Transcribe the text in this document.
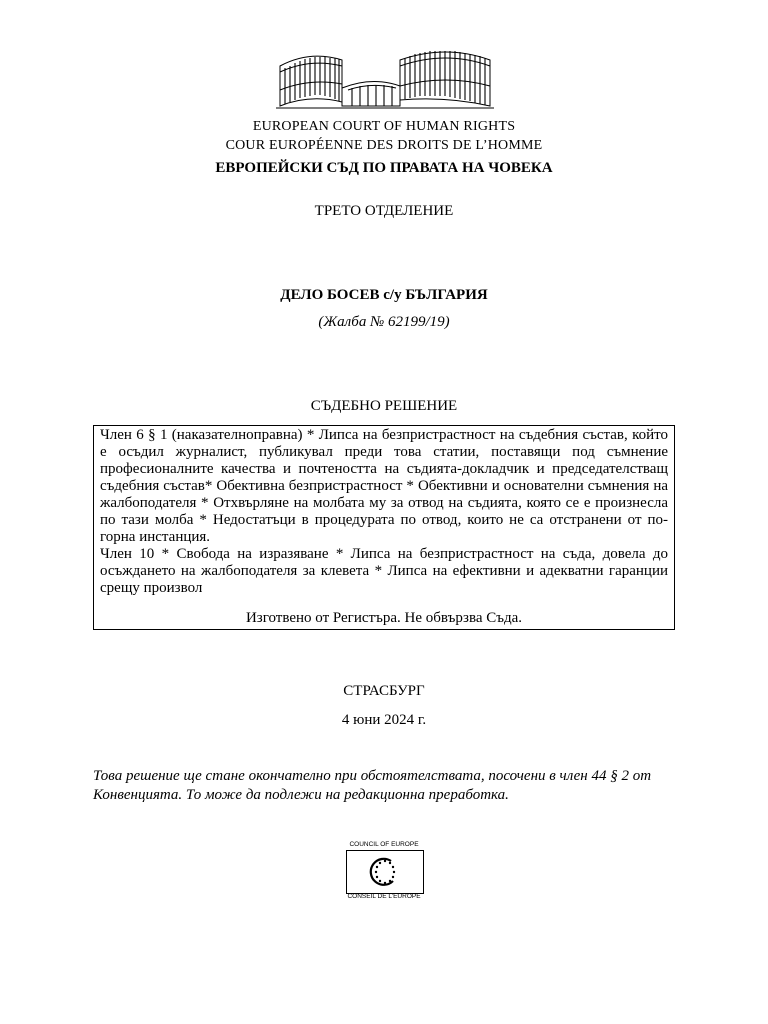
EUROPEAN COURT OF HUMAN RIGHTS
COUR EUROPÉENNE DES DROITS DE L’HOMME
ЕВРОПЕЙСКИ СЪД ПО ПРАВАТА НА ЧОВЕКА
ТРЕТО ОТДЕЛЕНИЕ
ДЕЛО БОСЕВ с/у БЪЛГАРИЯ
(Жалба № 62199/19)
СЪДЕБНО РЕШЕНИЕ

Член 6 § 1 (наказателноправна) * Липса на безпристрастност на съдебния състав, който е осъдил журналист, публикувал преди това статии, поставящи под съмнение професионалните качества и почтеността на съдията-докладчик и председателстващ съдебния състав* Обективна безпристрастност * Обективни и основателни съмнения на жалбоподателя * Отхвърляне на молбата му за отвод на съдията, която се е произнесла по тази молба * Недостатъци в процедурата по отвод, които не са отстранени от по-горна инстанция.

Член 10 * Свобода на изразяване * Липса на безпристрастност на съда, довела до осъждането на жалбоподателя за клевета * Липса на ефективни и адекватни гаранции срещу произвол

Изготвено от Регистъра. Не обвързва Съда.

СТРАСБУРГ
4 юни 2024 г.
Това решение ще стане окончателно при обстоятелствата, посочени в член 44 § 2 от Конвенцията. То може да подлежи на редакционна преработка.
COUNCIL OF EUROPE
CONSEIL DE L’EUROPE
